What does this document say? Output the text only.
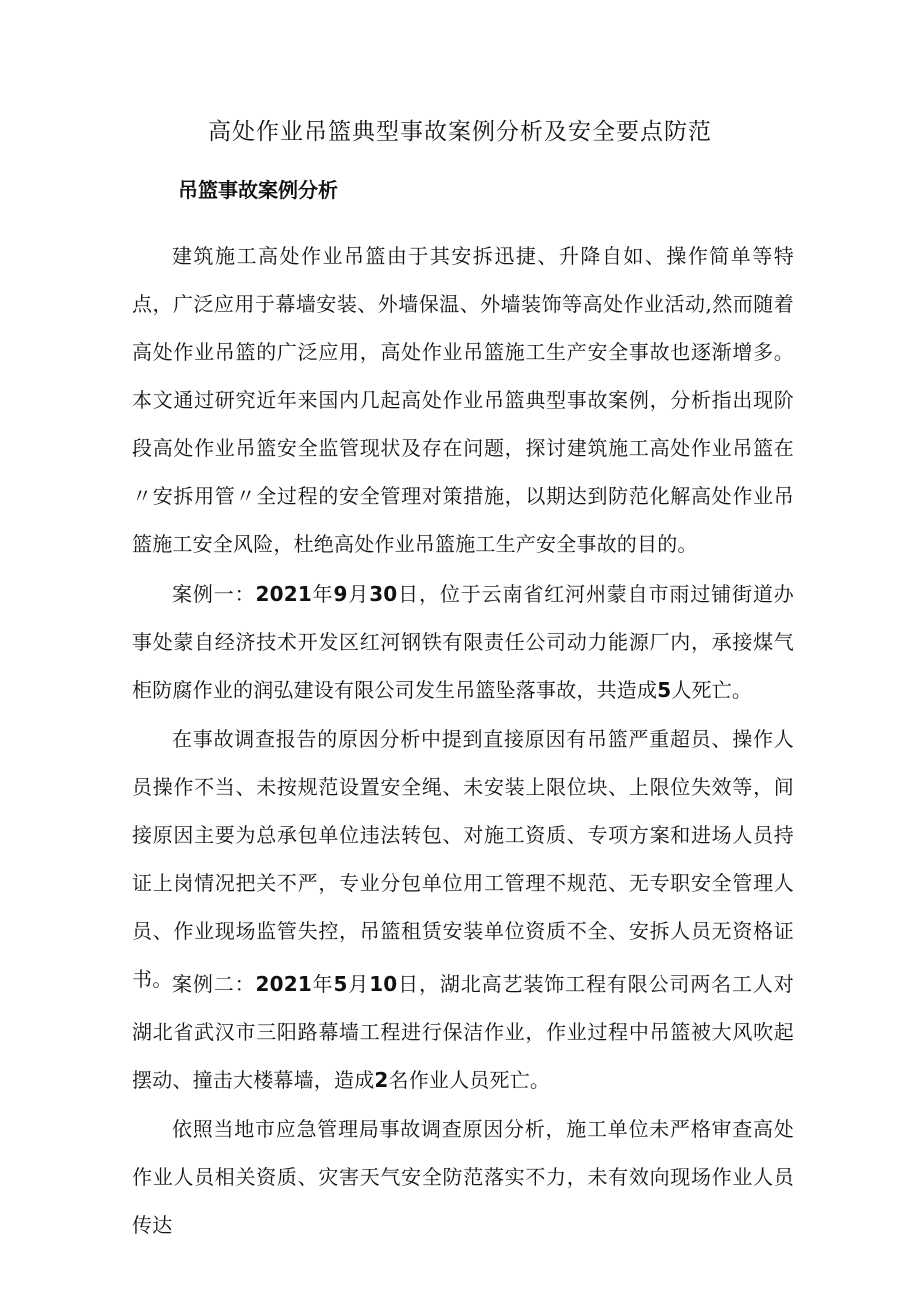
高处作业吊篮典型事故案例分析及安全要点防范
吊篮事故案例分析

建筑施工高处作业吊篮由于其安拆迅捷、升降自如、操作简单等特点，广泛应用于幕墙安装、外墙保温、外墙装饰等高处作业活动,然而随着高处作业吊篮的广泛应用，高处作业吊篮施工生产安全事故也逐渐增多。本文通过研究近年来国内几起高处作业吊篮典型事故案例，分析指出现阶段高处作业吊篮安全监管现状及存在问题，探讨建筑施工高处作业吊篮在〃安拆用管〃全过程的安全管理对策措施，以期达到防范化解高处作业吊篮施工安全风险，杜绝高处作业吊篮施工生产安全事故的目的。

案例一：2021年9月30日，位于云南省红河州蒙自市雨过铺街道办事处蒙自经济技术开发区红河钢铁有限责任公司动力能源厂内，承接煤气柜防腐作业的润弘建设有限公司发生吊篮坠落事故，共造成5人死亡。

在事故调查报告的原因分析中提到直接原因有吊篮严重超员、操作人员操作不当、未按规范设置安全绳、未安装上限位块、上限位失效等，间接原因主要为总承包单位违法转包、对施工资质、专项方案和进场人员持证上岗情况把关不严，专业分包单位用工管理不规范、无专职安全管理人员、作业现场监管失控，吊篮租赁安装单位资质不全、安拆人员无资格证书。 案例二：2021年5月10日，湖北高艺装饰工程有限公司两名工人对湖北省武汉市三阳路幕墙工程进行保洁作业，作业过程中吊篮被大风吹起摆动、撞击大楼幕墙，造成2名作业人员死亡。

依照当地市应急管理局事故调查原因分析，施工单位未严格审查高处作业人员相关资质、灾害天气安全防范落实不力，未有效向现场作业人员传达
